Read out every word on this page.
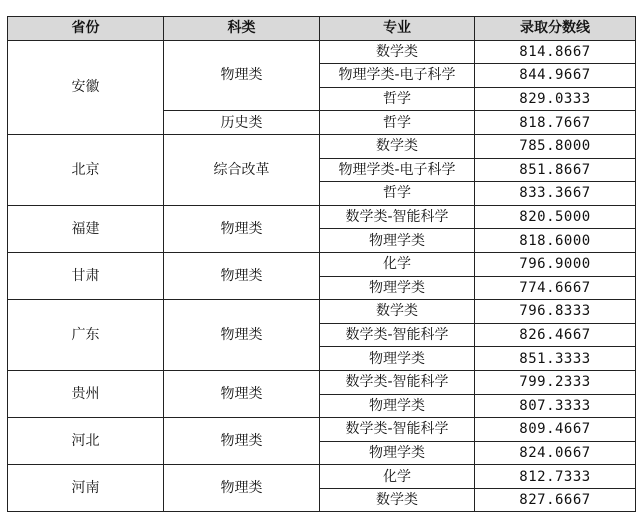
省份	科类	专业	录取分数线
安徽	物理类	数学类	814.8667
		物理学类-电子科学	844.9667
		哲学	829.0333
	历史类	哲学	818.7667
北京	综合改革	数学类	785.8000
		物理学类-电子科学	851.8667
		哲学	833.3667
福建	物理类	数学类-智能科学	820.5000
		物理学类	818.6000
甘肃	物理类	化学	796.9000
		物理学类	774.6667
广东	物理类	数学类	796.8333
		数学类-智能科学	826.4667
		物理学类	851.3333
贵州	物理类	数学类-智能科学	799.2333
		物理学类	807.3333
河北	物理类	数学类-智能科学	809.4667
		物理学类	824.0667
河南	物理类	化学	812.7333
		数学类	827.6667
